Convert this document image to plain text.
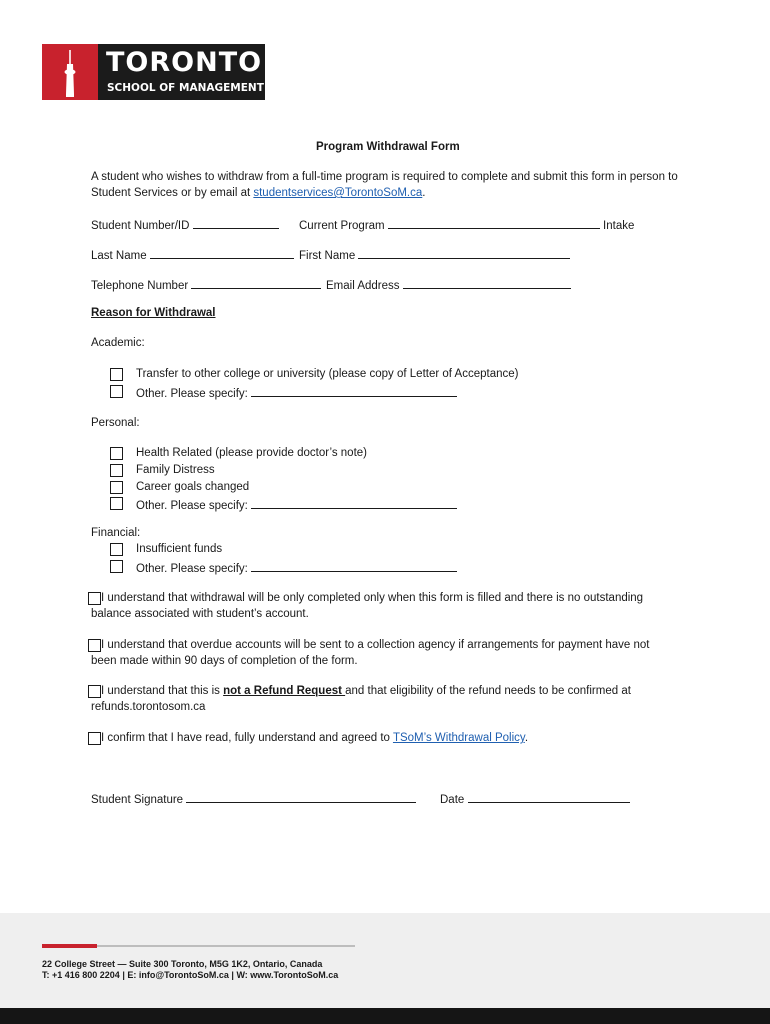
TORONTO
SCHOOL OF MANAGEMENT
Program Withdrawal Form
A student who wishes to withdraw from a full-time program is required to complete and submit this form in person to
Student Services or by email at studentservices@TorontoSoM.ca.
Student Number/ID	Current Program	Intake
Last Name	First Name
Telephone Number	Email Address
Reason for Withdrawal
Academic:
Transfer to other college or university (please copy of Letter of Acceptance)
Other. Please specify:
Personal:
Health Related (please provide doctor’s note)
Family Distress
Career goals changed
Other. Please specify:
Financial:
Insufficient funds
Other. Please specify:
I understand that withdrawal will be only completed only when this form is filled and there is no outstanding
balance associated with student’s account.
I understand that overdue accounts will be sent to a collection agency if arrangements for payment have not
been made within 90 days of completion of the form.
I understand that this is not a Refund Request and that eligibility of the refund needs to be confirmed at
refunds.torontosom.ca
I confirm that I have read, fully understand and agreed to TSoM’s Withdrawal Policy.
Student Signature	Date
22 College Street — Suite 300 Toronto, M5G 1K2, Ontario, Canada
T: +1 416 800 2204 | E: info@TorontoSoM.ca | W: www.TorontoSoM.ca
